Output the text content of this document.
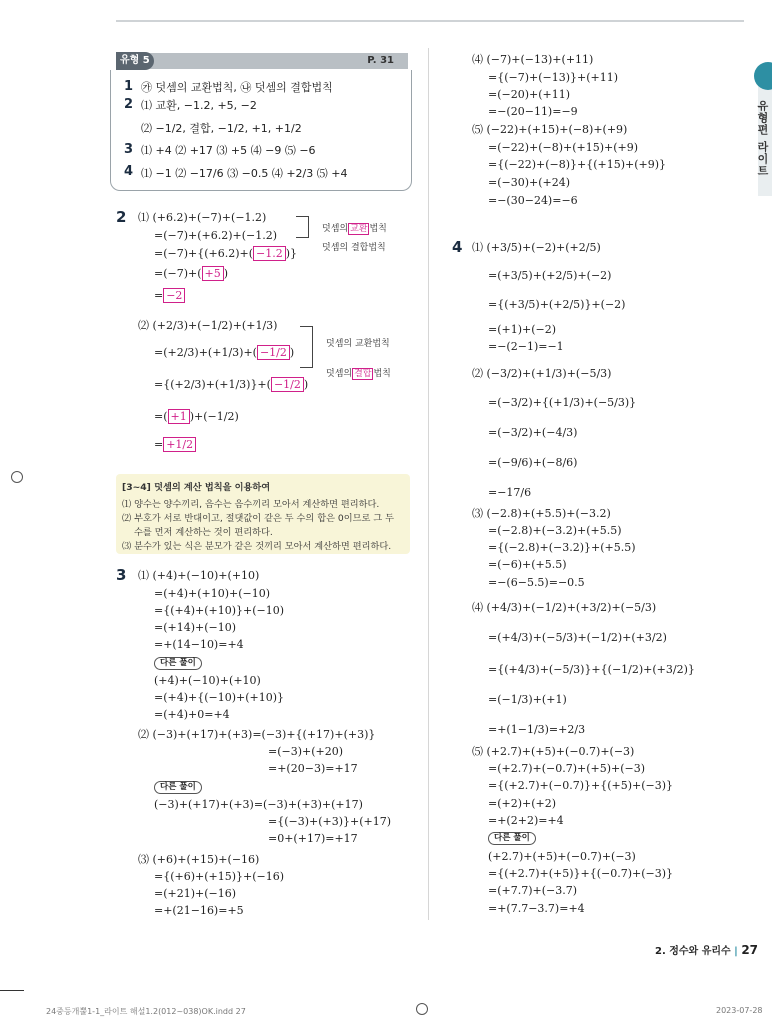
유형편 라이트
유형 5	P. 31
1 ㉮ 덧셈의 교환법칙, ㉯ 덧셈의 결합법칙
2 ⑴ 교환, −1.2, +5, −2
⑵ −1/2, 결합, −1/2, +1, +1/2
3 ⑴ +4 ⑵ +17 ⑶ +5 ⑷ −9 ⑸ −6
4 ⑴ −1 ⑵ −17/6 ⑶ −0.5 ⑷ +2/3 ⑸ +4
2 ⑴ (+6.2)+(−7)+(−1.2)
=(−7)+(+6.2)+(−1.2)
=(−7)+{(+6.2)+( −1.2 )}
=(−7)+( +5 )
= −2
덧셈의 교환 법칙
덧셈의 결합법칙
⑵ (+2/3)+(−1/2)+(+1/3)
=(+2/3)+(+1/3)+( −1/2 )
={(+2/3)+(+1/3)}+( −1/2 )
=( +1 )+(−1/2)
= +1/2
덧셈의 교환법칙
덧셈의 결합 법칙
[3~4] 덧셈의 계산 법칙을 이용하여
⑴ 양수는 양수끼리, 음수는 음수끼리 모아서 계산하면 편리하다.
⑵ 부호가 서로 반대이고, 절댓값이 같은 두 수의 합은 0이므로 그 두
수를 먼저 계산하는 것이 편리하다.
⑶ 분수가 있는 식은 분모가 같은 것끼리 모아서 계산하면 편리하다.
3 ⑴ (+4)+(−10)+(+10)
=(+4)+(+10)+(−10)
={(+4)+(+10)}+(−10)
=(+14)+(−10)
=+(14−10)=+4
다른 풀이
(+4)+(−10)+(+10)
=(+4)+{(−10)+(+10)}
=(+4)+0=+4
⑵ (−3)+(+17)+(+3)=(−3)+{(+17)+(+3)}
=(−3)+(+20)
=+(20−3)=+17
다른 풀이
(−3)+(+17)+(+3)=(−3)+(+3)+(+17)
={(−3)+(+3)}+(+17)
=0+(+17)=+17
⑶ (+6)+(+15)+(−16)
={(+6)+(+15)}+(−16)
=(+21)+(−16)
=+(21−16)=+5
⑷ (−7)+(−13)+(+11)
={(−7)+(−13)}+(+11)
=(−20)+(+11)
=−(20−11)=−9
⑸ (−22)+(+15)+(−8)+(+9)
=(−22)+(−8)+(+15)+(+9)
={(−22)+(−8)}+{(+15)+(+9)}
=(−30)+(+24)
=−(30−24)=−6
4 ⑴ (+3/5)+(−2)+(+2/5)
=(+3/5)+(+2/5)+(−2)
={(+3/5)+(+2/5)}+(−2)
=(+1)+(−2)
=−(2−1)=−1
⑵ (−3/2)+(+1/3)+(−5/3)
=(−3/2)+{(+1/3)+(−5/3)}
=(−3/2)+(−4/3)
=(−9/6)+(−8/6)
=−17/6
⑶ (−2.8)+(+5.5)+(−3.2)
=(−2.8)+(−3.2)+(+5.5)
={(−2.8)+(−3.2)}+(+5.5)
=(−6)+(+5.5)
=−(6−5.5)=−0.5
⑷ (+4/3)+(−1/2)+(+3/2)+(−5/3)
=(+4/3)+(−5/3)+(−1/2)+(+3/2)
={(+4/3)+(−5/3)}+{(−1/2)+(+3/2)}
=(−1/3)+(+1)
=+(1−1/3)=+2/3
⑸ (+2.7)+(+5)+(−0.7)+(−3)
=(+2.7)+(−0.7)+(+5)+(−3)
={(+2.7)+(−0.7)}+{(+5)+(−3)}
=(+2)+(+2)
=+(2+2)=+4
다른 풀이
(+2.7)+(+5)+(−0.7)+(−3)
={(+2.7)+(+5)}+{(−0.7)+(−3)}
=(+7.7)+(−3.7)
=+(7.7−3.7)=+4
2. 정수와 유리수 | 27
24중등개뿔1-1_라이트 해설1.2(012~038)OK.indd 27	2023-07-28
